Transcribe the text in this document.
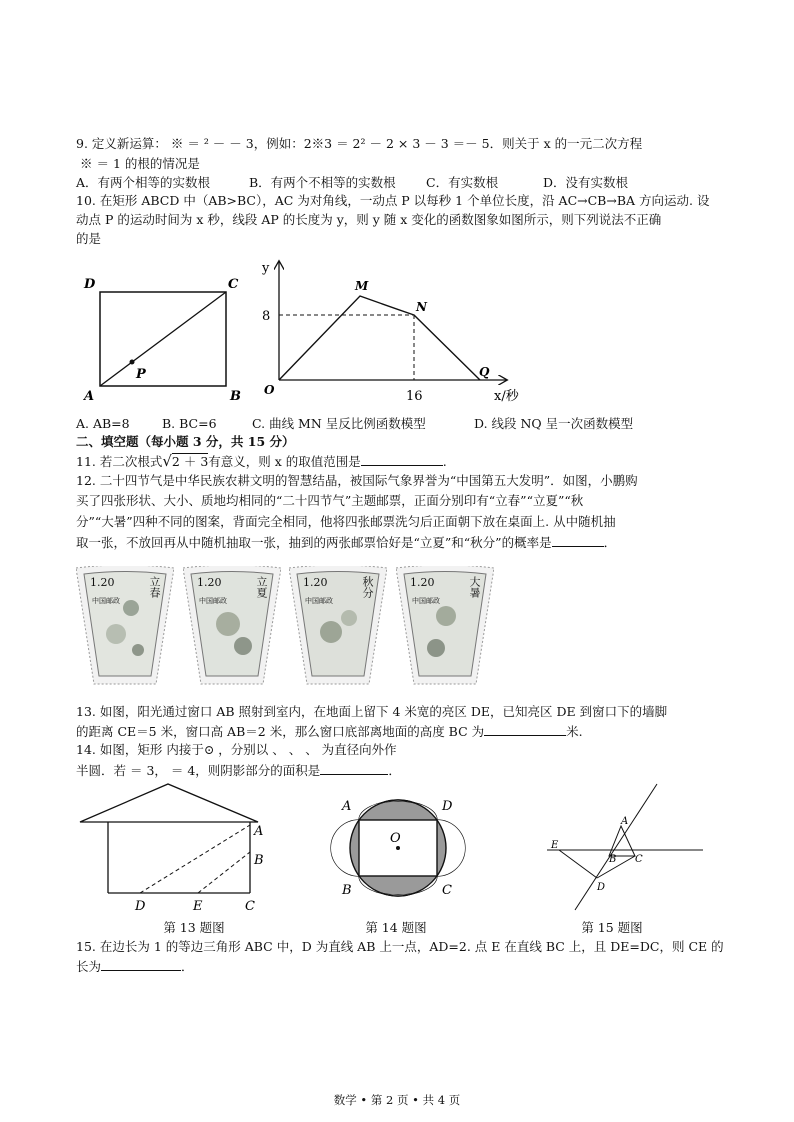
9. 定义新运算： ※ ＝ ² － － 3，例如：2※3 ＝ 2² － 2 × 3 － 3 ＝－ 5．则关于 x 的一元二次方程
※ ＝ 1 的根的情况是
A．有两个相等的实数根	B．有两个不相等的实数根 C．有实数根	D．没有实数根
10. 在矩形 ABCD 中（AB>BC），AC 为对角线，一动点 P 以每秒 1 个单位长度，沿 AC→CB→BA 方向运动. 设
动点 P 的运动时间为 x 秒，线段 AP 的长度为 y，则 y 随 x 变化的函数图象如图所示，则下列说法不正确
的是
D	C
A	B
P
y
O
M
N
Q
8
16	x/秒
A. AB=8	B. BC=6	C. 曲线 MN 呈反比例函数模型	D. 线段 NQ 呈一次函数模型
二、填空题（每小题 3 分，共 15 分）
11. 若二次根式√2 ＋ 3有意义，则 x 的取值范围是	.
12. 二十四节气是中华民族农耕文明的智慧结晶，被国际气象界誉为“中国第五大发明”．如图，小鹏购
买了四张形状、大小、质地均相同的“二十四节气”主题邮票，正面分别印有“立春”“立夏”“秋
分”“大暑”四种不同的图案，背面完全相同，他将四张邮票洗匀后正面朝下放在桌面上. 从中随机抽
取一张，不放回再从中随机抽取一张，抽到的两张邮票恰好是“立夏”和“秋分”的概率是	．
1.20	立春
中国邮政
1.20	立夏
中国邮政
1.20	秋分
中国邮政
1.20	大暑
中国邮政
13. 如图，阳光通过窗口 AB 照射到室内，在地面上留下 4 米宽的亮区 DE，已知亮区 DE 到窗口下的墙脚
的距离 CE＝5 米，窗口高 AB＝2 米，那么窗口底部离地面的高度 BC 为	米.
14. 如图，矩形 内接于⊙ ，分别以 、 、 、 为直径向外作
半圆．若 ＝ 3， ＝ 4，则阴影部分的面积是	．
A
B
C
D	E
第 13 题图
A	D
B	C
O
第 14 题图
A
B C
D
E
第 15 题图
15. 在边长为 1 的等边三角形 ABC 中，D 为直线 AB 上一点，AD=2. 点 E 在直线 BC 上，且 DE=DC，则 CE 的
长为	．
数学 • 第 2 页 • 共 4 页
